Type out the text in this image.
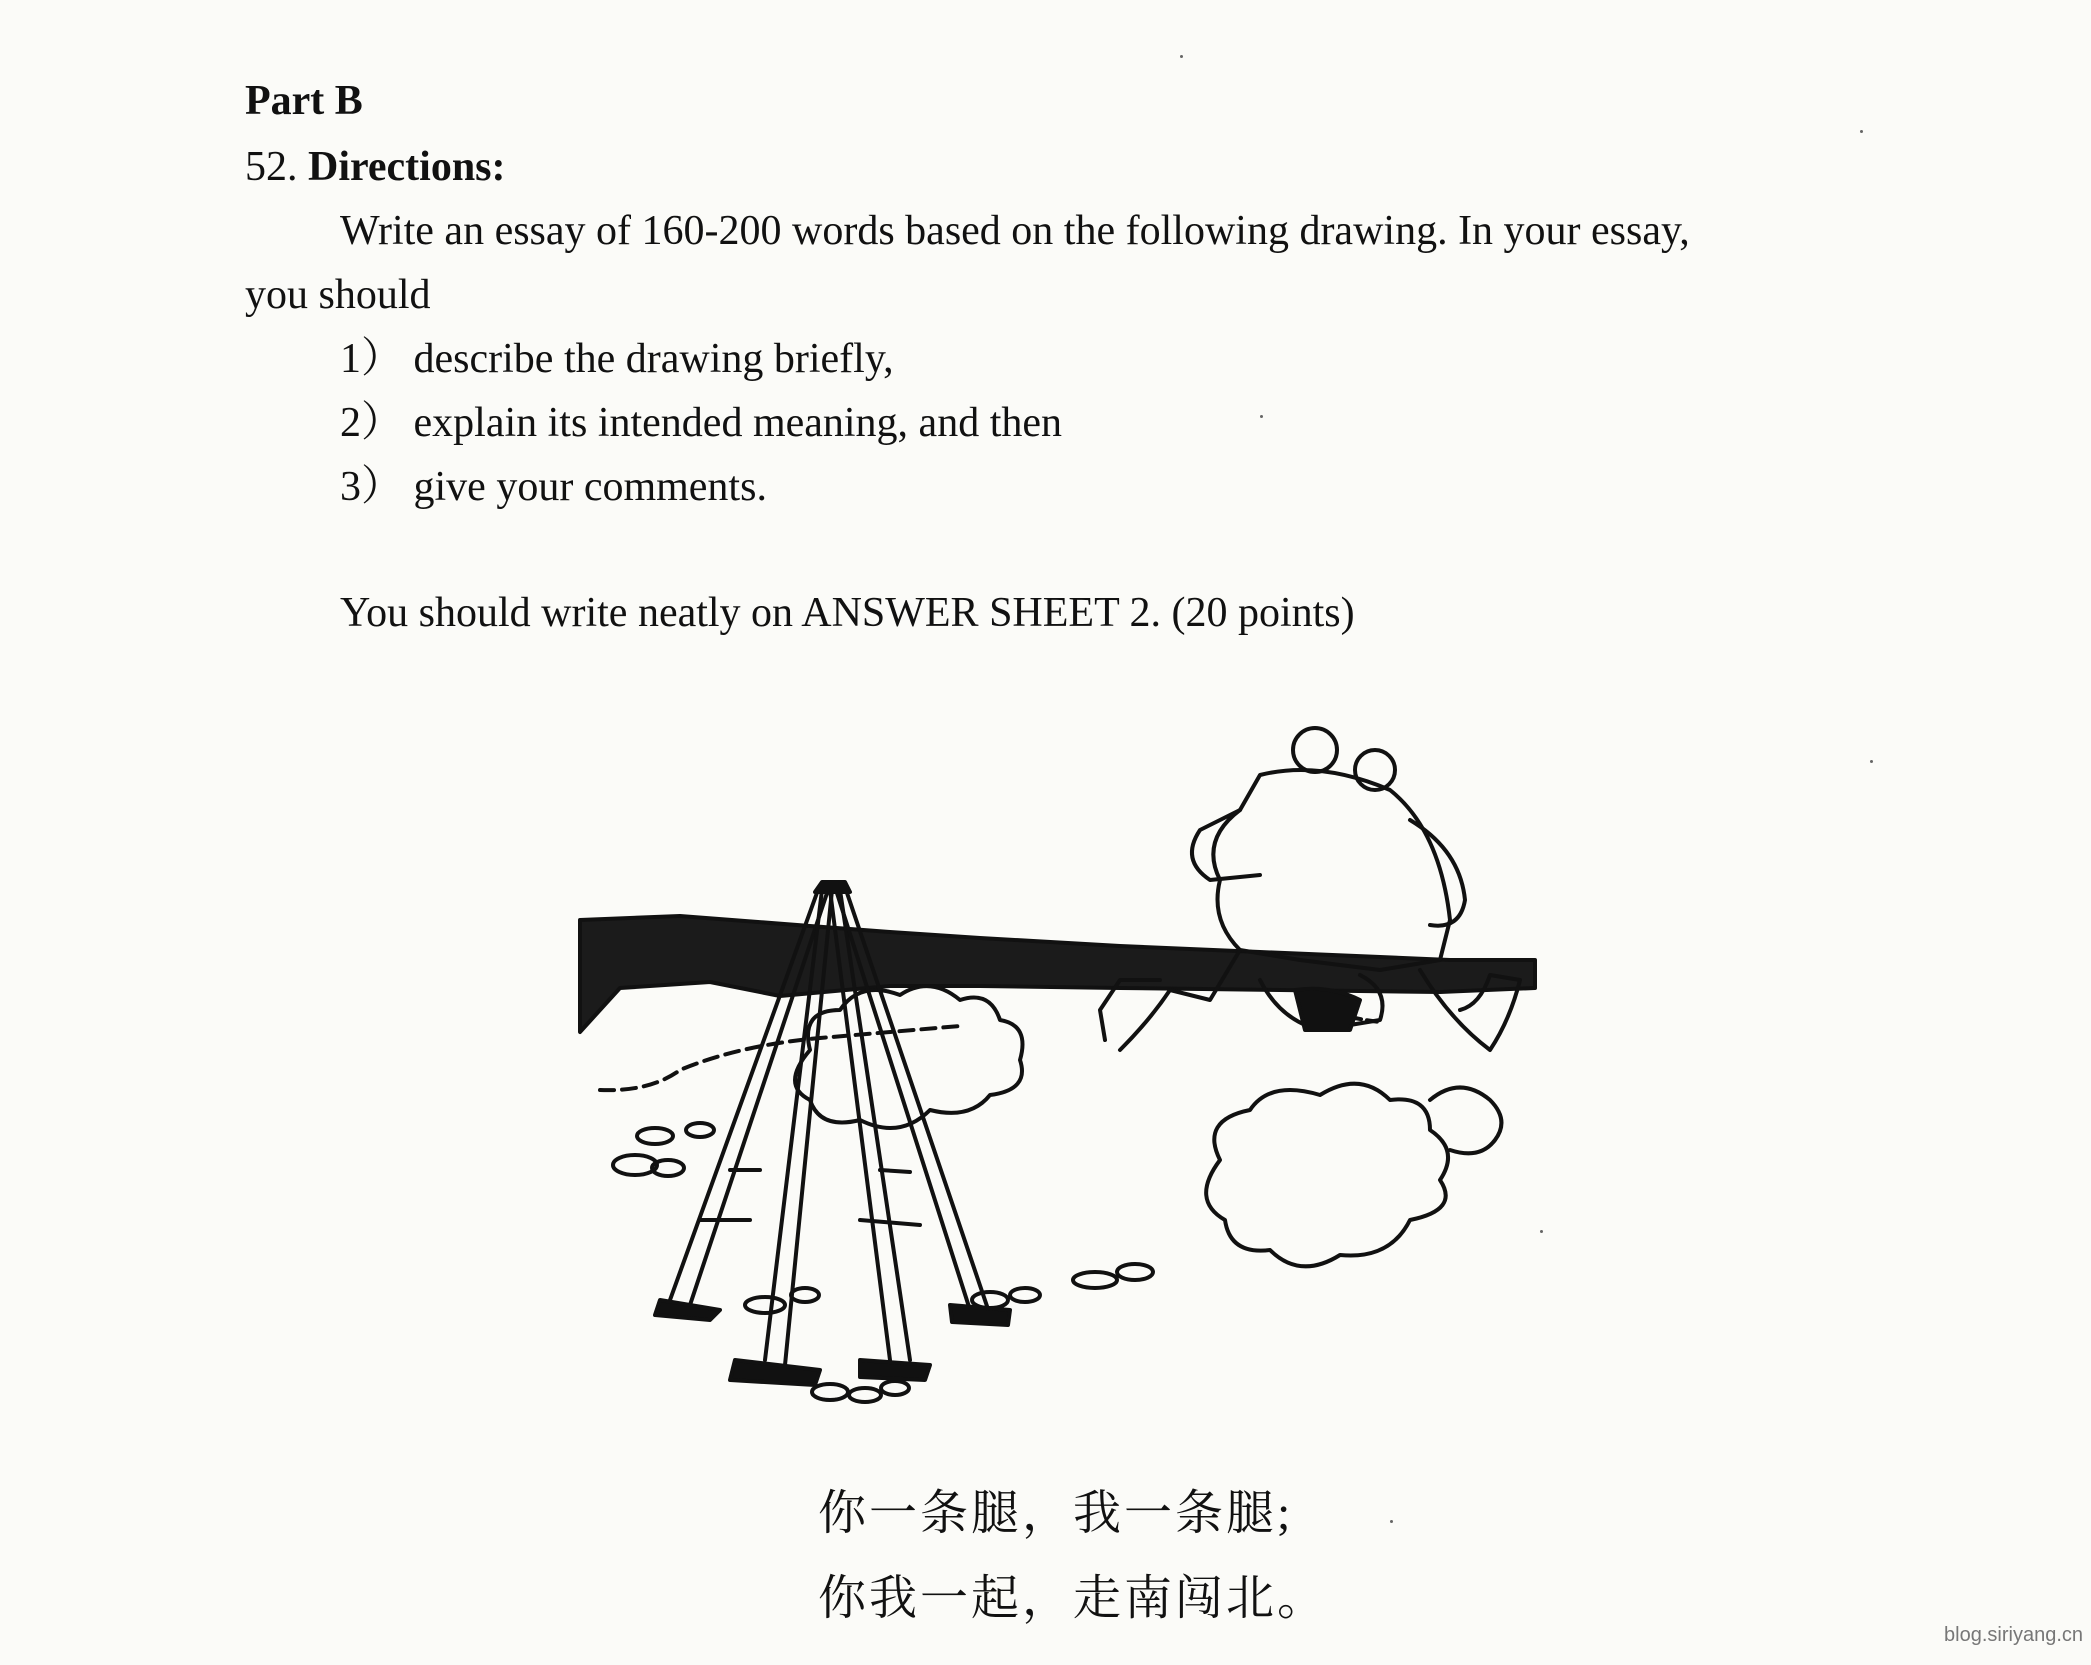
Part B
52. Directions:
Write an essay of 160-200 words based on the following drawing. In your essay,
you should
1） describe the drawing briefly,
2） explain its intended meaning, and then
3） give your comments.
You should write neatly on ANSWER SHEET 2. (20 points)
你一条腿，我一条腿;
你我一起，走南闯北。
blog.siriyang.cn
